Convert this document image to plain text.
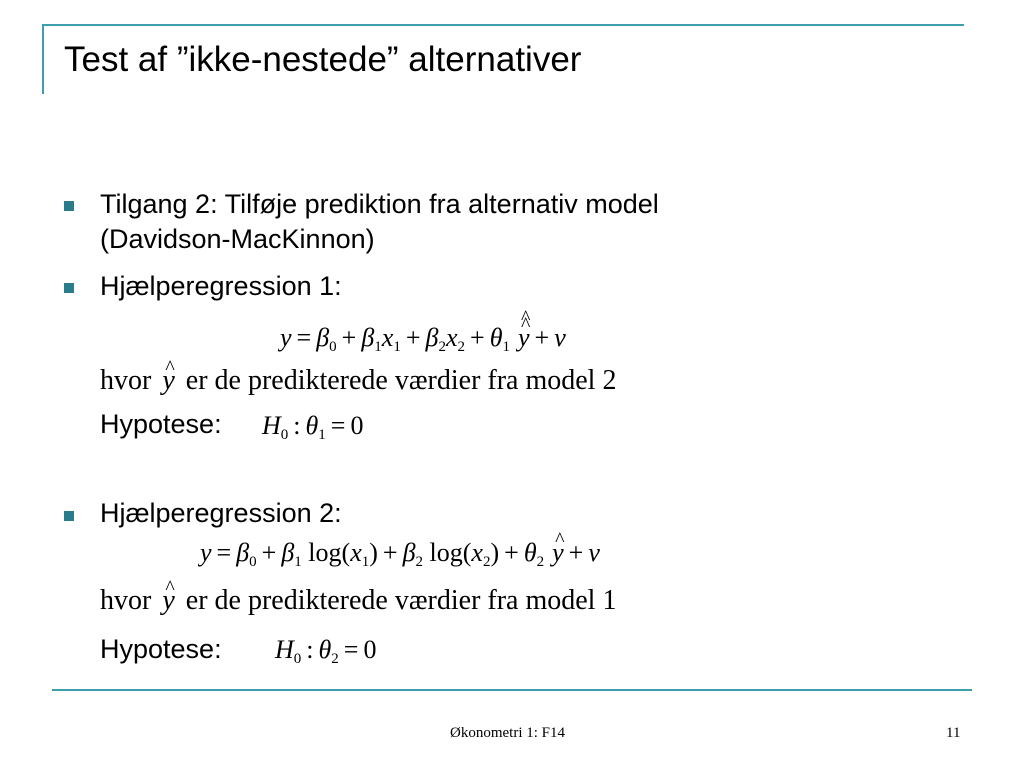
Test af ”ikke-nestede” alternativer
Tilgang 2: Tilføje prediktion fra alternativ model
(Davidson-MacKinnon)
Hjælperegression 1:
$y = \beta_0 + \beta_1x_1 + \beta_2x_2$ + $\theta_1\^{}$ y ^ + v
hvor ^ y er de predikterede værdier fra model 2
Hypotese: $H_0$ : $\theta_1 = 0$
Hjælperegression 2:
$y = \beta_0 + \beta_1$ $\log(x_1) + \beta_2$ $\log(x_2)$ + $\theta_2\^{}$ y + v
hvor ^ y er de predikterede værdier fra model 1
Hypotese: $H_0$ : $\theta_2 = 0$
Økonometri 1: F14	11
